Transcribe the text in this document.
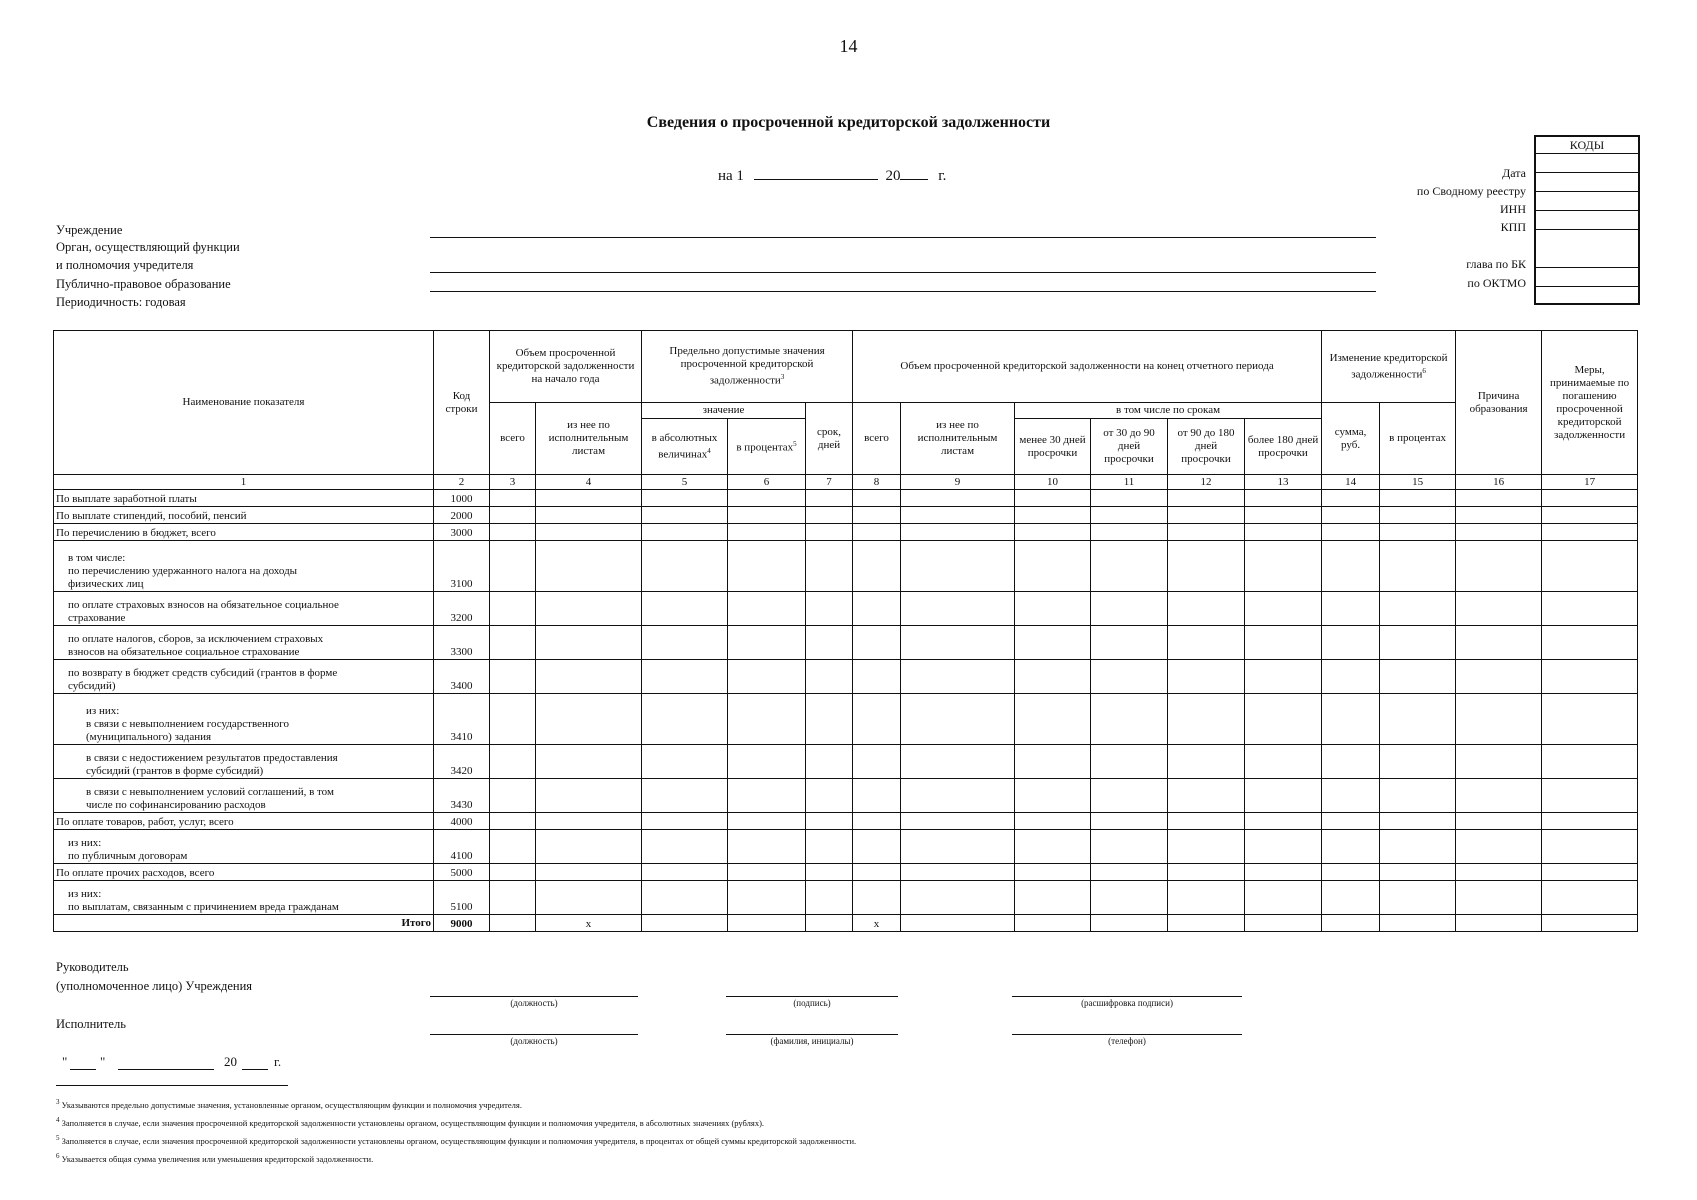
14
Сведения о просроченной кредиторской задолженности
на 1	20	г.
Учреждение
Орган, осуществляющий функции
и полномочия учредителя
Публично-правовое образование
Периодичность: годовая
Дата
по Сводному реестру
ИНН
КПП
глава по БК
по ОКТМО
КОДЫ
Наименование показателя	Код строки	Объем просроченной кредиторской задолженности на начало года		Предельно допустимые значения просроченной кредиторской задолженности$^3$			Объем просроченной кредиторской задолженности на конец отчетного периода						Изменение кредиторской задолженности$^6$		Причина образования	Меры, принимаемые по погашению просроченной кредиторской задолженности
		всего	из нее по исполнительным листам	значение		срок, дней	всего	из нее по исполнительным листам	в том числе по срокам				сумма, руб.	в процентах		
				в абсолютных величинах$^4$	в процентах$^5$				менее 30 дней просрочки	от 30 до 90 дней просрочки	от 90 до 180 дней просрочки	более 180 дней просрочки				
1	2	3	4	5	6	7	8	9	10	11	12	13	14	15	16	17

По выплате заработной платы	1000															

По выплате стипендий, пособий, пенсий	2000															

По перечислению в бюджет, всего	3000															

в том числе:
по перечислению удержанного налога на доходы
физических лиц	3100															

по оплате страховых взносов на обязательное социальное
страхование	3200															

по оплате налогов, сборов, за исключением страховых
взносов на обязательное социальное страхование	3300															

по возврату в бюджет средств субсидий (грантов в форме
субсидий)	3400															

из них:
в связи с невыполнением государственного
(муниципального) задания	3410															

в связи с недостижением результатов предоставления
субсидий (грантов в форме субсидий)	3420															

в связи с невыполнением условий соглашений, в том
числе по софинансированию расходов	3430															

По оплате товаров, работ, услуг, всего	4000															

из них:
по публичным договорам	4100															

По оплате прочих расходов, всего	5000															

из них:
по выплатам, связанным с причинением вреда гражданам	5100															
Итого	9000		x				x									
Руководитель
(уполномоченное лицо) Учреждения
Исполнитель
(должность)	(подпись)	(расшифровка подписи)
(должность)	(фамилия, инициалы)	(телефон)
"	"	20	г.
$^3$ Указываются предельно допустимые значения, установленные органом, осуществляющим функции и полномочия учредителя.
$^4$ Заполняется в случае, если значения просроченной кредиторской задолженности установлены органом, осуществляющим функции и полномочия учредителя, в абсолютных значениях (рублях).
$^5$ Заполняется в случае, если значения просроченной кредиторской задолженности установлены органом, осуществляющим функции и полномочия учредителя, в процентах от общей суммы кредиторской задолженности.
$^6$ Указывается общая сумма увеличения или уменьшения кредиторской задолженности.
